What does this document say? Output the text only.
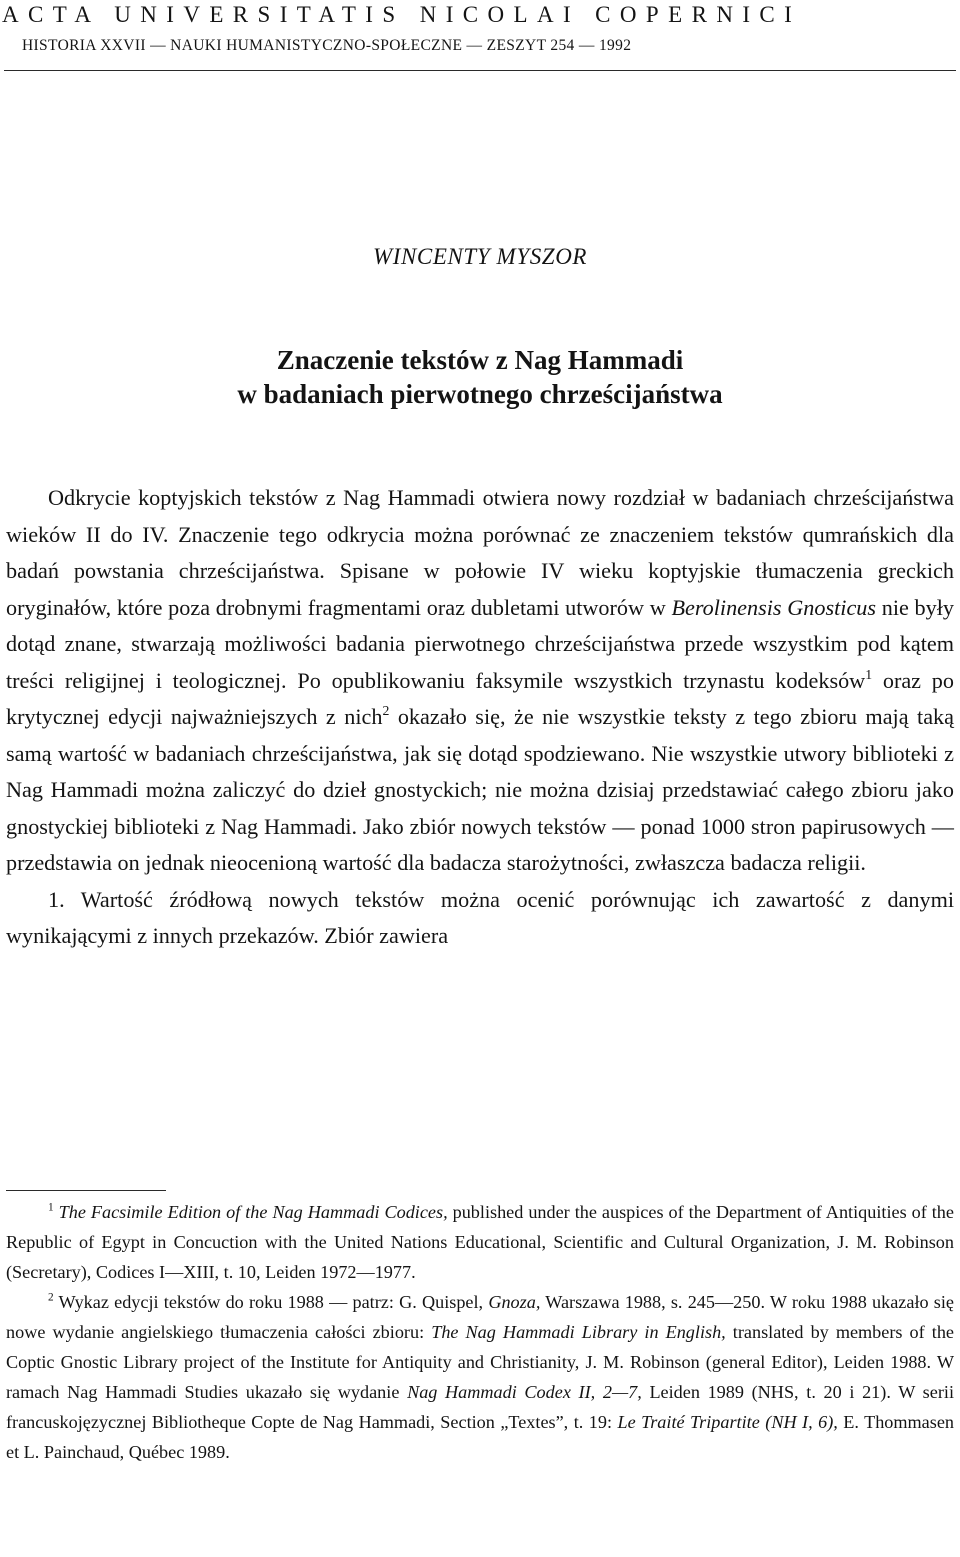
ACTA UNIVERSITATIS NICOLAI COPERNICI
HISTORIA XXVII — NAUKI HUMANISTYCZNO-SPOŁECZNE — ZESZYT 254 — 1992
WINCENTY MYSZOR
Znaczenie tekstów z Nag Hammadi
w badaniach pierwotnego chrześcijaństwa

Odkrycie koptyjskich tekstów z Nag Hammadi otwiera nowy rozdział w badaniach chrześcijaństwa wieków II do IV. Znaczenie tego odkrycia można porównać ze znaczeniem tekstów qumrańskich dla badań powstania chrześcijaństwa. Spisane w połowie IV wieku koptyjskie tłumaczenia greckich oryginałów, które poza drobnymi fragmentami oraz dubletami utworów w Berolinensis Gnosticus nie były dotąd znane, stwarzają możliwości badania pierwotnego chrześcijaństwa przede wszystkim pod kątem treści religijnej i teologicznej. Po opublikowaniu faksymile wszystkich trzynastu kodeksów$^1$ oraz po krytycznej edycji najważniejszych z nich$^2$ okazało się, że nie wszystkie teksty z tego zbioru mają taką samą wartość w badaniach chrześcijaństwa, jak się dotąd spodziewano. Nie wszystkie utwory biblioteki z Nag Hammadi można zaliczyć do dzieł gnostyckich; nie można dzisiaj przedstawiać całego zbioru jako gnostyckiej biblioteki z Nag Hammadi. Jako zbiór nowych tekstów — ponad 1000 stron papirusowych — przedstawia on jednak nieocenioną wartość dla badacza starożytności, zwłaszcza badacza religii.

1. Wartość źródłową nowych tekstów można ocenić porównując ich zawartość z danymi wynikającymi z innych przekazów. Zbiór zawiera

$^1$ The Facsimile Edition of the Nag Hammadi Codices, published under the auspices of the Department of Antiquities of the Republic of Egypt in Concuction with the United Nations Educational, Scientific and Cultural Organization, J. M. Robinson (Secretary), Codices I—XIII, t. 10, Leiden 1972—1977.

$^2$ Wykaz edycji tekstów do roku 1988 — patrz: G. Quispel, Gnoza, Warszawa 1988, s. 245—250. W roku 1988 ukazało się nowe wydanie angielskiego tłumaczenia całości zbioru: The Nag Hammadi Library in English, translated by members of the Coptic Gnostic Library project of the Institute for Antiquity and Christianity, J. M. Robinson (general Editor), Leiden 1988. W ramach Nag Hammadi Studies ukazało się wydanie Nag Hammadi Codex II, 2—7, Leiden 1989 (NHS, t. 20 i 21). W serii francuskojęzycznej Bibliotheque Copte de Nag Hammadi, Section „Textes”, t. 19: Le Traité Tripartite (NH I, 6), E. Thommasen et L. Painchaud, Québec 1989.
